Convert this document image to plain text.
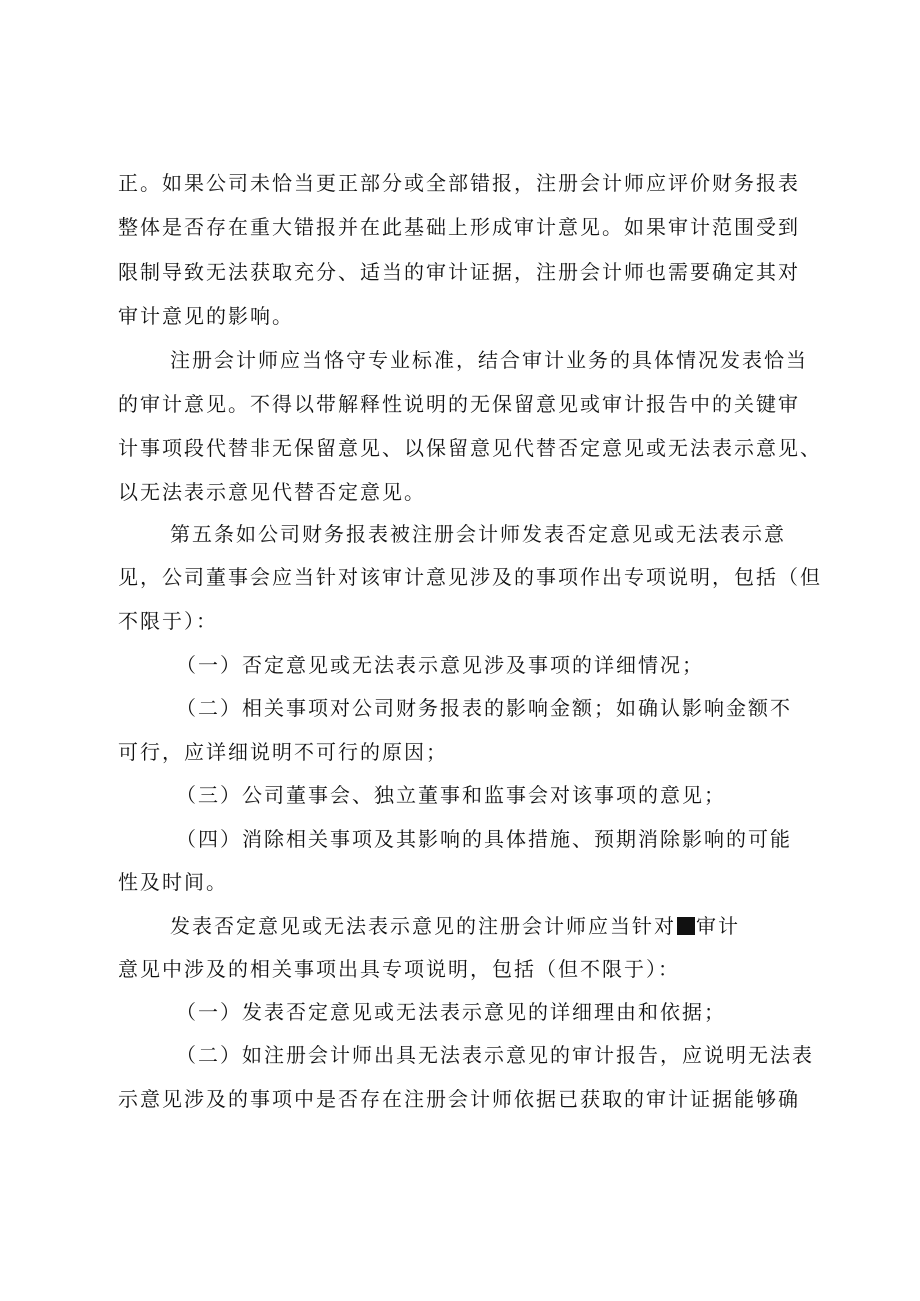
正。如果公司未恰当更正部分或全部错报，注册会计师应评价财务报表
整体是否存在重大错报并在此基础上形成审计意见。如果审计范围受到
限制导致无法获取充分、适当的审计证据，注册会计师也需要确定其对
审计意见的影响。
注册会计师应当恪守专业标准，结合审计业务的具体情况发表恰当
的审计意见。不得以带解释性说明的无保留意见或审计报告中的关键审
计事项段代替非无保留意见、以保留意见代替否定意见或无法表示意见、
以无法表示意见代替否定意见。
第五条如公司财务报表被注册会计师发表否定意见或无法表示意
见，公司董事会应当针对该审计意见涉及的事项作出专项说明，包括（但
不限于）：
（一）否定意见或无法表示意见涉及事项的详细情况；
（二）相关事项对公司财务报表的影响金额；如确认影响金额不
可行，应详细说明不可行的原因；
（三）公司董事会、独立董事和监事会对该事项的意见；
（四）消除相关事项及其影响的具体措施、预期消除影响的可能
性及时间。
发表否定意见或无法表示意见的注册会计师应当针对 审计
意见中涉及的相关事项出具专项说明，包括（但不限于）：
（一）发表否定意见或无法表示意见的详细理由和依据；
（二）如注册会计师出具无法表示意见的审计报告，应说明无法表
示意见涉及的事项中是否存在注册会计师依据已获取的审计证据能够确
